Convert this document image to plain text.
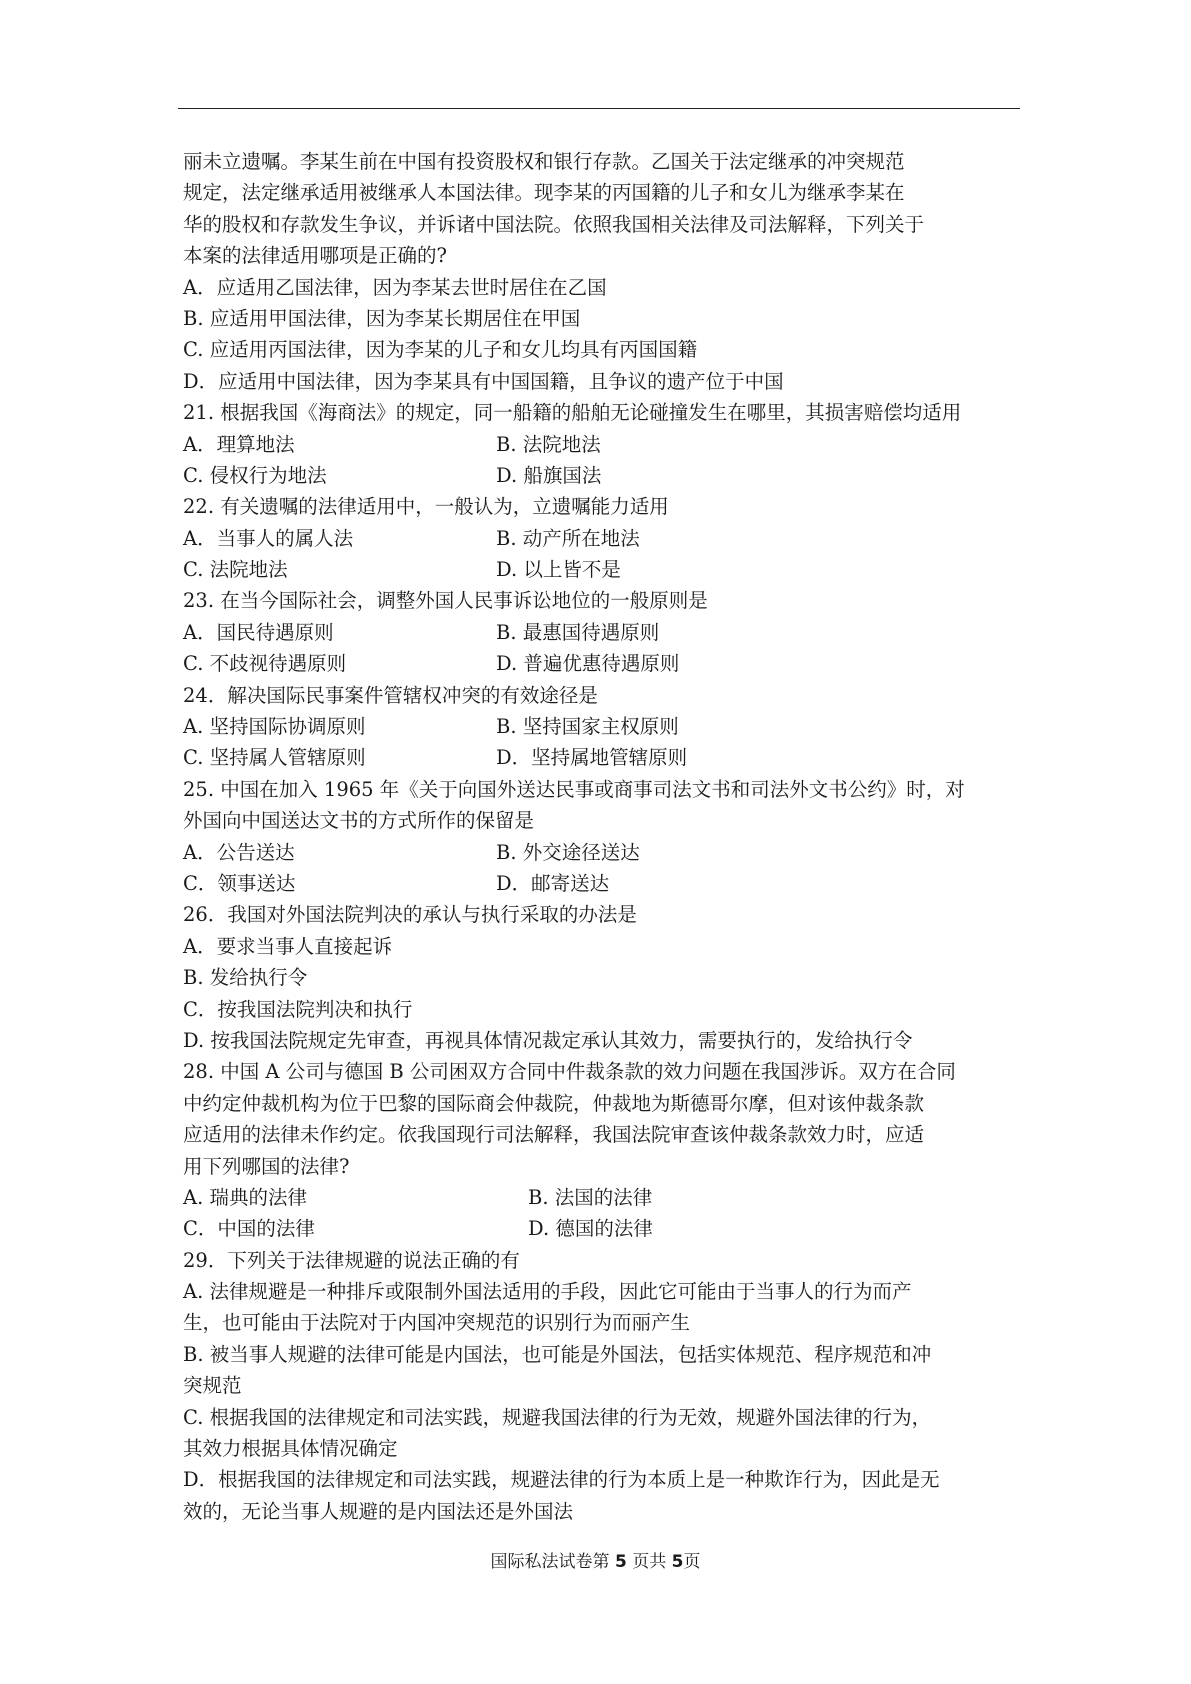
丽未立遗嘱。李某生前在中国有投资股权和银行存款。乙国关于法定继承的冲突规范
规定，法定继承适用被继承人本国法律。现李某的丙国籍的儿子和女儿为继承李某在
华的股权和存款发生争议，并诉诸中国法院。依照我国相关法律及司法解释，下列关于
本案的法律适用哪项是正确的?
A．应适用乙国法律，因为李某去世时居住在乙国
B. 应适用甲国法律，因为李某长期居住在甲国
C. 应适用丙国法律，因为李某的儿子和女儿均具有丙国国籍
D．应适用中国法律，因为李某具有中国国籍，且争议的遗产位于中国
21. 根据我国《海商法》的规定，同一船籍的船舶无论碰撞发生在哪里，其损害赔偿均适用
A．理算地法	B. 法院地法
C. 侵权行为地法	D. 船旗国法
22. 有关遗嘱的法律适用中，一般认为，立遗嘱能力适用
A．当事人的属人法	B. 动产所在地法
C. 法院地法	D. 以上皆不是
23. 在当今国际社会，调整外国人民事诉讼地位的一般原则是
A．国民待遇原则	B. 最惠国待遇原则
C. 不歧视待遇原则	D. 普遍优惠待遇原则
24．解决国际民事案件管辖权冲突的有效途径是
A. 坚持国际协调原则	B. 坚持国家主权原则
C. 坚持属人管辖原则	D．坚持属地管辖原则
25. 中国在加入 1965 年《关于向国外送达民事或商事司法文书和司法外文书公约》时，对
外国向中国送达文书的方式所作的保留是
A．公告送达	B. 外交途径送达
C．领事送达	D．邮寄送达
26．我国对外国法院判决的承认与执行采取的办法是
A．要求当事人直接起诉
B. 发给执行令
C．按我国法院判决和执行
D. 按我国法院规定先审查，再视具体情况裁定承认其效力，需要执行的，发给执行令
28. 中国 A 公司与德国 B 公司困双方合同中件裁条款的效力问题在我国涉诉。双方在合同
中约定仲裁机构为位于巴黎的国际商会仲裁院，仲裁地为斯德哥尔摩，但对该仲裁条款
应适用的法律未作约定。依我国现行司法解释，我国法院审查该仲裁条款效力时，应适
用下列哪国的法律?
A. 瑞典的法律	B. 法国的法律
C．中国的法律	D. 德国的法律
29．下列关于法律规避的说法正确的有
A. 法律规避是一种排斥或限制外国法适用的手段，因此它可能由于当事人的行为而产
生，也可能由于法院对于内国冲突规范的识别行为而丽产生
B. 被当事人规避的法律可能是内国法，也可能是外国法，包括实体规范、程序规范和冲
突规范
C. 根据我国的法律规定和司法实践，规避我国法律的行为无效，规避外国法律的行为，
其效力根据具体情况确定
D．根据我国的法律规定和司法实践，规避法律的行为本质上是一种欺诈行为，因此是无
效的，无论当事人规避的是内国法还是外国法
国际私法试卷第 5 页共 5页
